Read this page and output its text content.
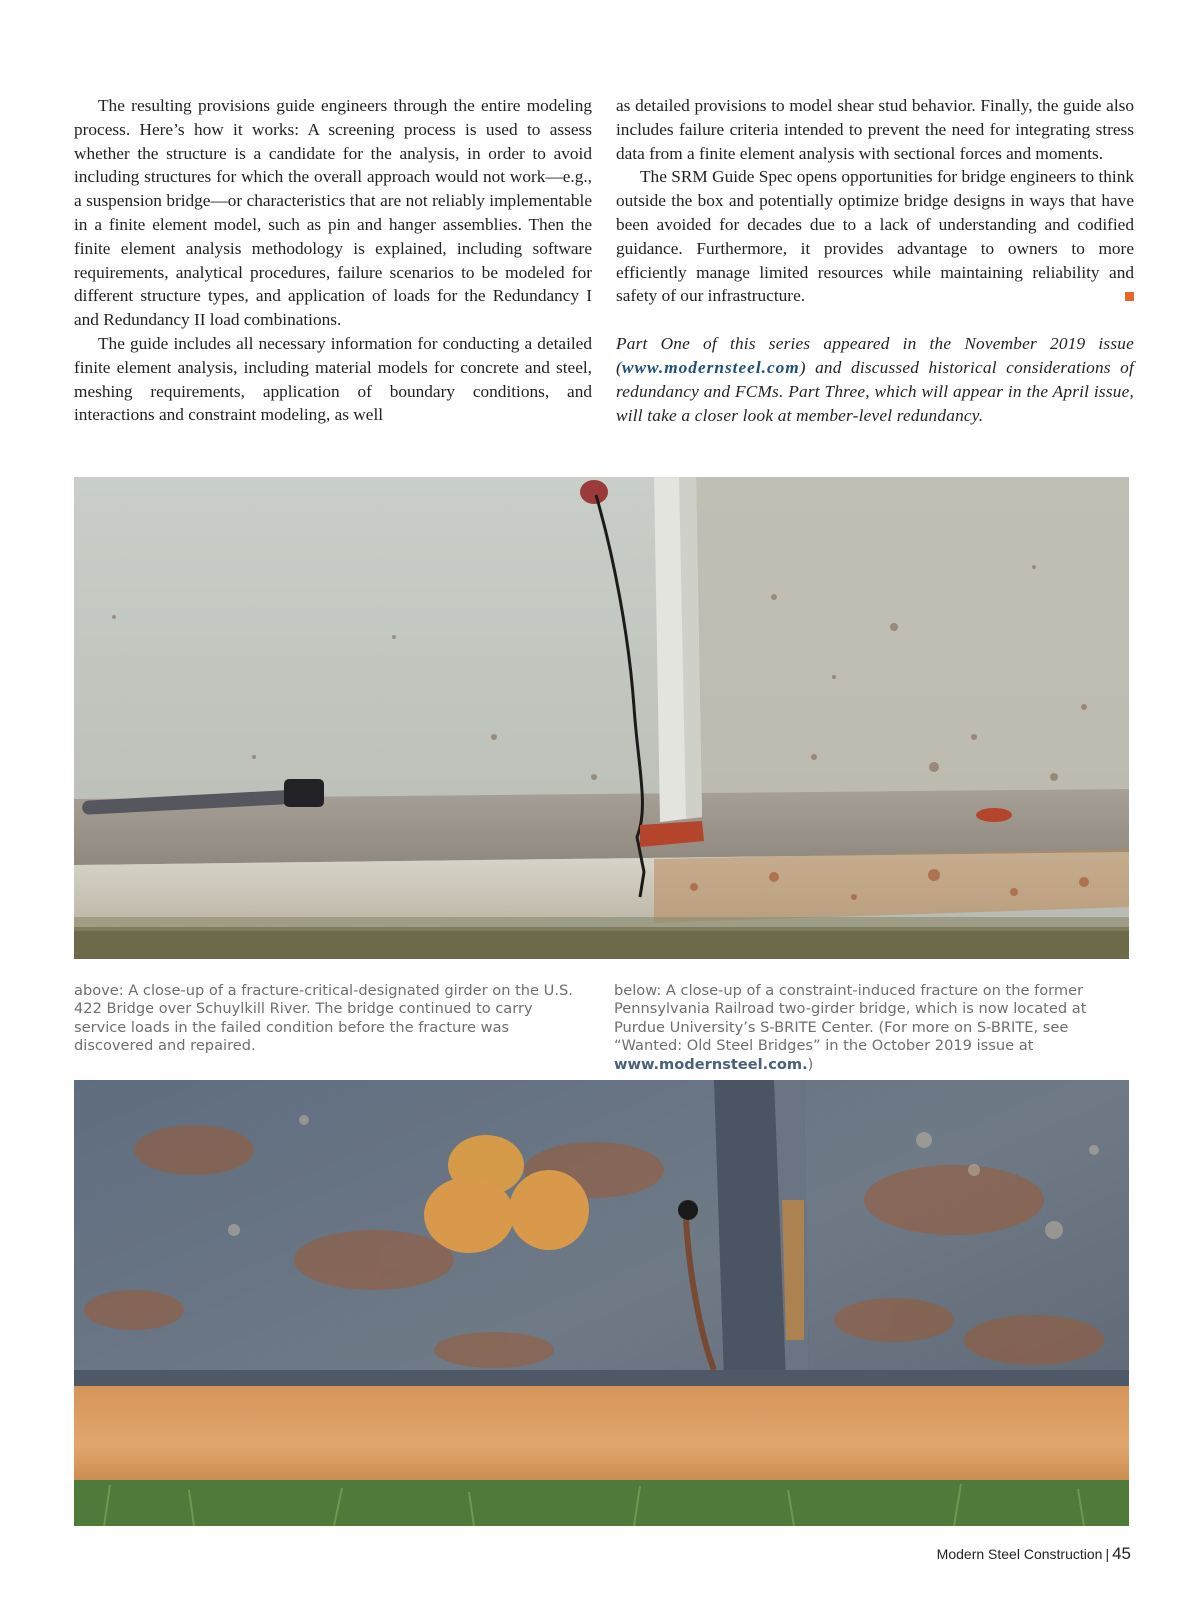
The resulting provisions guide engineers through the entire modeling process. Here’s how it works: A screening process is used to assess whether the structure is a candidate for the analysis, in order to avoid including structures for which the overall approach would not work—e.g., a suspension bridge—or characteristics that are not reliably implementable in a finite element model, such as pin and hanger assemblies. Then the finite element analysis methodology is explained, including software requirements, analytical procedures, failure scenarios to be modeled for different structure types, and application of loads for the Redundancy I and Redundancy II load combinations.

The guide includes all necessary information for conducting a detailed finite element analysis, including material models for concrete and steel, meshing requirements, application of boundary conditions, and interactions and constraint modeling, as well

as detailed provisions to model shear stud behavior. Finally, the guide also includes failure criteria intended to prevent the need for integrating stress data from a finite element analysis with sectional forces and moments.

The SRM Guide Spec opens opportunities for bridge engineers to think outside the box and potentially optimize bridge designs in ways that have been avoided for decades due to a lack of understanding and codified guidance. Furthermore, it provides advantage to owners to more efficiently manage limited resources while maintaining reliability and safety of our infrastructure.

Part One of this series appeared in the November 2019 issue (www.modernsteel.com) and discussed historical considerations of redundancy and FCMs. Part Three, which will appear in the April issue, will take a closer look at member-level redundancy.

above: A close-up of a fracture-critical-designated girder on the U.S. 422 Bridge over Schuylkill River. The bridge continued to carry service loads in the failed condition before the fracture was discovered and repaired.
below: A close-up of a constraint-induced fracture on the former Pennsylvania Railroad two-girder bridge, which is now located at Purdue University’s S-BRITE Center. (For more on S-BRITE, see “Wanted: Old Steel Bridges” in the October 2019 issue at www.modernsteel.com.)
Modern Steel Construction | 45
